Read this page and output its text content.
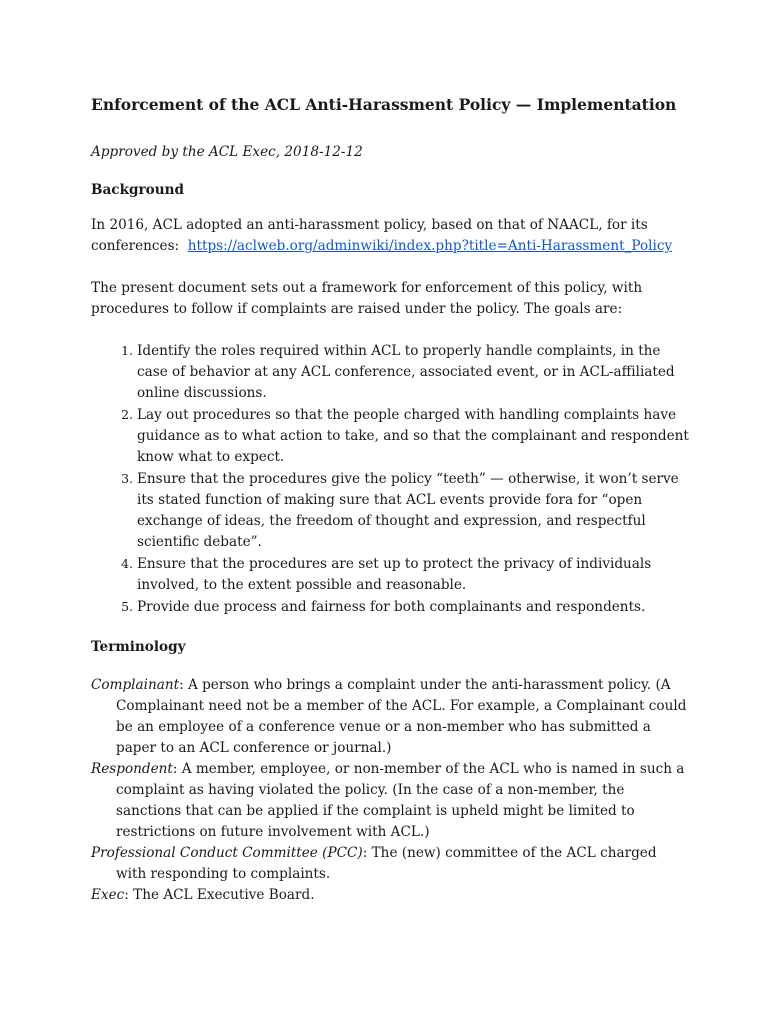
Enforcement of the ACL Anti-Harassment Policy — Implementation

Approved by the ACL Exec, 2018-12-12

Background

In 2016, ACL adopted an anti-harassment policy, based on that of NAACL, for its conferences: https://aclweb.org/adminwiki/index.php?title=Anti-Harassment_Policy

The present document sets out a framework for enforcement of this policy, with procedures to follow if complaints are raised under the policy. The goals are:

1. Identify the roles required within ACL to properly handle complaints, in the case of behavior at any ACL conference, associated event, or in ACL-affiliated online discussions.
2. Lay out procedures so that the people charged with handling complaints have guidance as to what action to take, and so that the complainant and respondent know what to expect.
3. Ensure that the procedures give the policy “teeth” — otherwise, it won’t serve its stated function of making sure that ACL events provide fora for “open exchange of ideas, the freedom of thought and expression, and respectful scientific debate”.
4. Ensure that the procedures are set up to protect the privacy of individuals involved, to the extent possible and reasonable.
5. Provide due process and fairness for both complainants and respondents.
Terminology

Complainant: A person who brings a complaint under the anti-harassment policy. (A Complainant need not be a member of the ACL. For example, a Complainant could be an employee of a conference venue or a non-member who has submitted a paper to an ACL conference or journal.)

Respondent: A member, employee, or non-member of the ACL who is named in such a complaint as having violated the policy. (In the case of a non-member, the sanctions that can be applied if the complaint is upheld might be limited to restrictions on future involvement with ACL.)

Professional Conduct Committee (PCC): The (new) committee of the ACL charged with responding to complaints.

Exec: The ACL Executive Board.
